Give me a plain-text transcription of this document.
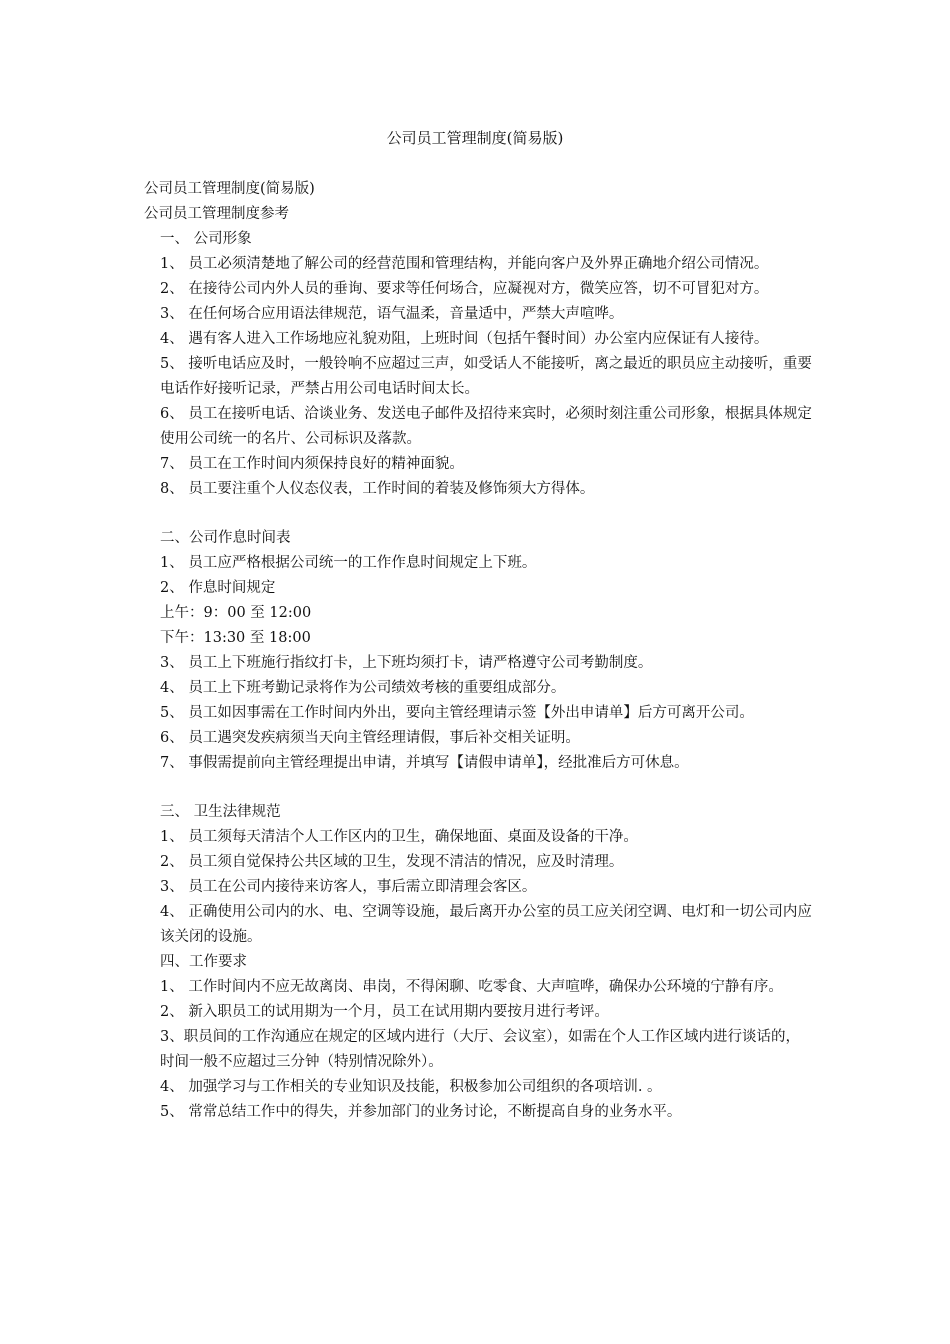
公司员工管理制度(简易版)
公司员工管理制度(简易版)
公司员工管理制度参考
一、 公司形象

1、 员工必须清楚地了解公司的经营范围和管理结构，并能向客户及外界正确地介绍公司情况。

2、 在接待公司内外人员的垂询、要求等任何场合，应凝视对方，微笑应答，切不可冒犯对方。

3、 在任何场合应用语法律规范，语气温柔，音量适中，严禁大声喧哗。

4、 遇有客人进入工作场地应礼貌劝阻，上班时间（包括午餐时间）办公室内应保证有人接待。

5、 接听电话应及时，一般铃响不应超过三声，如受话人不能接听，离之最近的职员应主动接听，重要电话作好接听记录，严禁占用公司电话时间太长。

6、 员工在接听电话、洽谈业务、发送电子邮件及招待来宾时，必须时刻注重公司形象，根据具体规定使用公司统一的名片、公司标识及落款。

7、 员工在工作时间内须保持良好的精神面貌。

8、 员工要注重个人仪态仪表，工作时间的着装及修饰须大方得体。

二、公司作息时间表

1、 员工应严格根据公司统一的工作作息时间规定上下班。

2、 作息时间规定

上午：9：00 至 12:00
下午：13:30 至 18:00

3、 员工上下班施行指纹打卡，上下班均须打卡，请严格遵守公司考勤制度。

4、 员工上下班考勤记录将作为公司绩效考核的重要组成部分。

5、 员工如因事需在工作时间内外出，要向主管经理请示签【外出申请单】后方可离开公司。

6、 员工遇突发疾病须当天向主管经理请假，事后补交相关证明。

7、 事假需提前向主管经理提出申请，并填写【请假申请单】，经批准后方可休息。

三、 卫生法律规范

1、 员工须每天清洁个人工作区内的卫生，确保地面、桌面及设备的干净。

2、 员工须自觉保持公共区域的卫生，发现不清洁的情况，应及时清理。

3、 员工在公司内接待来访客人，事后需立即清理会客区。

4、 正确使用公司内的水、电、空调等设施，最后离开办公室的员工应关闭空调、电灯和一切公司内应该关闭的设施。

四、工作要求

1、 工作时间内不应无故离岗、串岗，不得闲聊、吃零食、大声喧哗，确保办公环境的宁静有序。

2、 新入职员工的试用期为一个月，员工在试用期内要按月进行考评。

3、职员间的工作沟通应在规定的区域内进行（大厅、会议室），如需在个人工作区域内进行谈话的，时间一般不应超过三分钟（特别情况除外）。

4、 加强学习与工作相关的专业知识及技能，积极参加公司组织的各项培训. 。

5、 常常总结工作中的得失，并参加部门的业务讨论，不断提高自身的业务水平。
